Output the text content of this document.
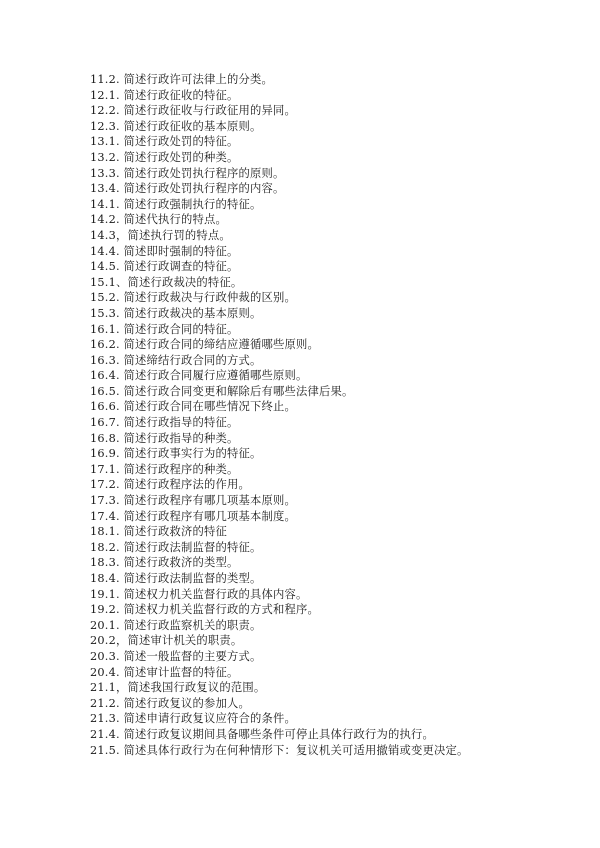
11.2. 简述行政许可法律上的分类。
12.1. 简述行政征收的特征。
12.2. 简述行政征收与行政征用的异同。
12.3. 简述行政征收的基本原则。
13.1. 简述行政处罚的特征。
13.2. 简述行政处罚的种类。
13.3. 简述行政处罚执行程序的原则。
13.4. 简述行政处罚执行程序的内容。
14.1. 简述行政强制执行的特征。
14.2. 简述代执行的特点。
14.3，简述执行罚的特点。
14.4. 简述即时强制的特征。
14.5. 简述行政调查的特征。
15.1、简述行政裁决的特征。
15.2. 简述行政裁决与行政仲裁的区别。
15.3. 简述行政裁决的基本原则。
16.1. 简述行政合同的特征。
16.2. 简述行政合同的缔结应遵循哪些原则。
16.3. 简述缔结行政合同的方式。
16.4. 简述行政合同履行应遵循哪些原则。
16.5. 简述行政合同变更和解除后有哪些法律后果。
16.6. 简述行政合同在哪些情况下终止。
16.7. 简述行政指导的特征。
16.8. 简述行政指导的种类。
16.9. 简述行政事实行为的特征。
17.1. 简述行政程序的种类。
17.2. 简述行政程序法的作用。
17.3. 简述行政程序有哪几项基本原则。
17.4. 简述行政程序有哪几项基本制度。
18.1. 简述行政救济的特征
18.2. 简述行政法制监督的特征。
18.3. 简述行政救济的类型。
18.4. 简述行政法制监督的类型。
19.1. 简述权力机关监督行政的具体内容。
19.2. 简述权力机关监督行政的方式和程序。
20.1. 简述行政监察机关的职责。
20.2，简述审计机关的职责。
20.3. 简述一般监督的主要方式。
20.4. 简述审计监督的特征。
21.1，简述我国行政复议的范围。
21.2. 简述行政复议的参加人。
21.3. 简述申请行政复议应符合的条件。
21.4. 简述行政复议期间具备哪些条件可停止具体行政行为的执行。
21.5. 简述具体行政行为在何种情形下：复议机关可适用撤销或变更决定。
